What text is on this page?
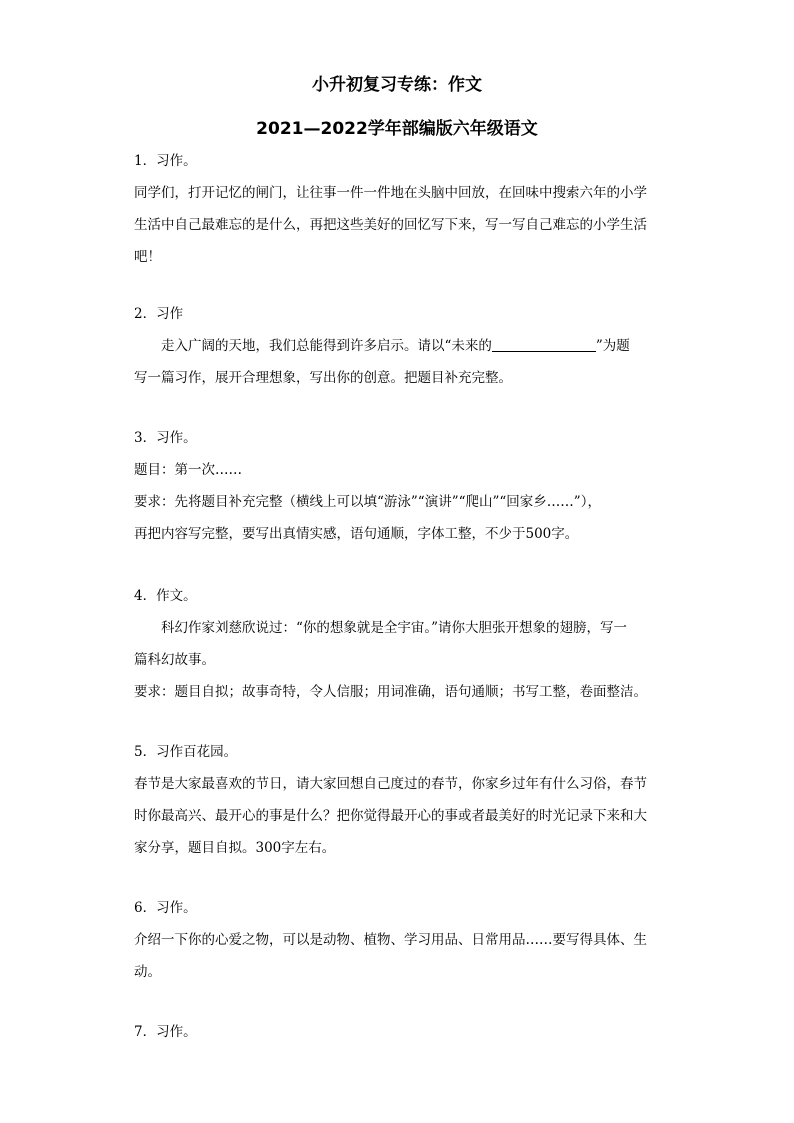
小升初复习专练：作文
2021—2022学年部编版六年级语文
1．习作。
同学们，打开记忆的闸门，让往事一件一件地在头脑中回放，在回味中搜索六年的小学
生活中自己最难忘的是什么，再把这些美好的回忆写下来，写一写自己难忘的小学生活
吧！
2．习作
走入广阔的天地，我们总能得到许多启示。请以“未来的	”为题
写一篇习作，展开合理想象，写出你的创意。把题目补充完整。
3．习作。
题目：第一次……
要求：先将题目补充完整（横线上可以填“游泳”“演讲”“爬山”“回家乡……”），
再把内容写完整，要写出真情实感，语句通顺，字体工整，不少于500字。
4．作文。
科幻作家刘慈欣说过：“你的想象就是全宇宙。”请你大胆张开想象的翅膀，写一
篇科幻故事。
要求：题目自拟；故事奇特，令人信服；用词准确，语句通顺；书写工整，卷面整洁。
5．习作百花园。
春节是大家最喜欢的节日，请大家回想自己度过的春节，你家乡过年有什么习俗，春节
时你最高兴、最开心的事是什么？把你觉得最开心的事或者最美好的时光记录下来和大
家分享，题目自拟。300字左右。
6．习作。
介绍一下你的心爱之物，可以是动物、植物、学习用品、日常用品……要写得具体、生
动。
7．习作。
